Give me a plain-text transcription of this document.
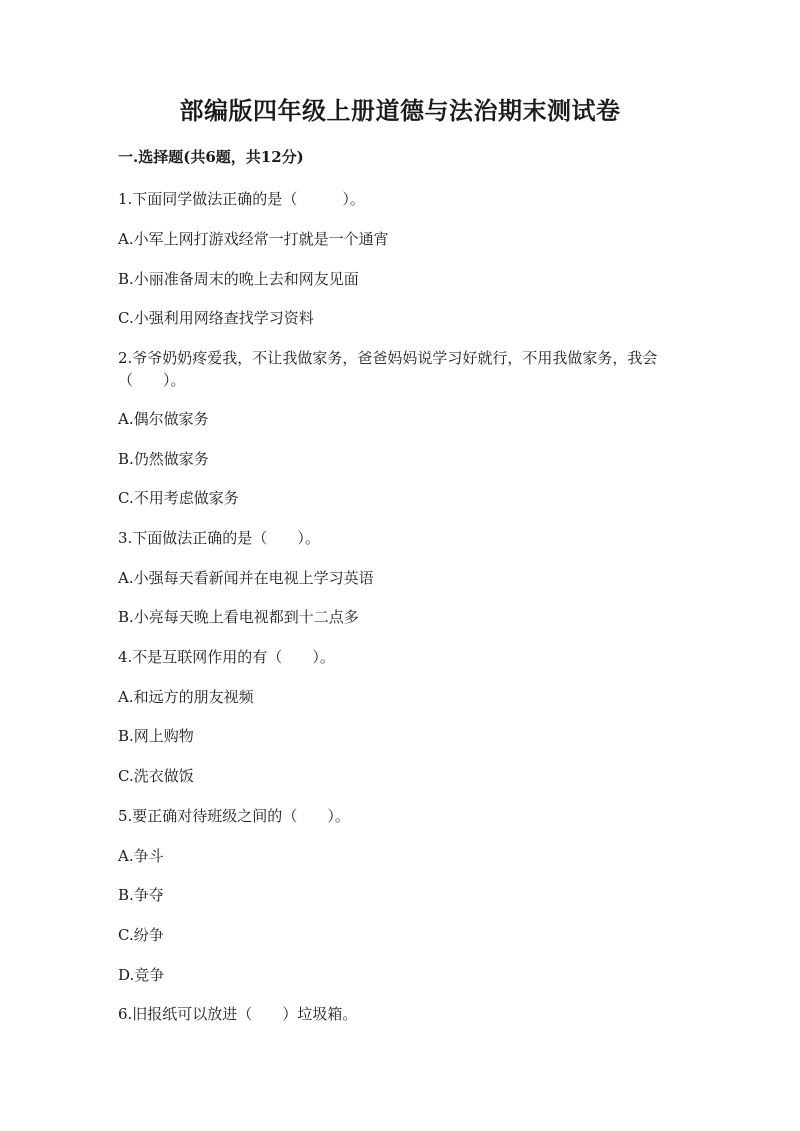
部编版四年级上册道德与法治期末测试卷
一.选择题(共6题，共12分)
1.下面同学做法正确的是（　　　）。
A.小军上网打游戏经常一打就是一个通宵
B.小丽准备周末的晚上去和网友见面
C.小强利用网络查找学习资料
2.爷爷奶奶疼爱我，不让我做家务，爸爸妈妈说学习好就行，不用我做家务，我会（　　）。
A.偶尔做家务
B.仍然做家务
C.不用考虑做家务
3.下面做法正确的是（　　）。
A.小强每天看新闻并在电视上学习英语
B.小亮每天晚上看电视都到十二点多
4.不是互联网作用的有（　　）。
A.和远方的朋友视频
B.网上购物
C.洗衣做饭
5.要正确对待班级之间的（　　）。
A.争斗
B.争夺
C.纷争
D.竞争
6.旧报纸可以放进（　　）垃圾箱。
